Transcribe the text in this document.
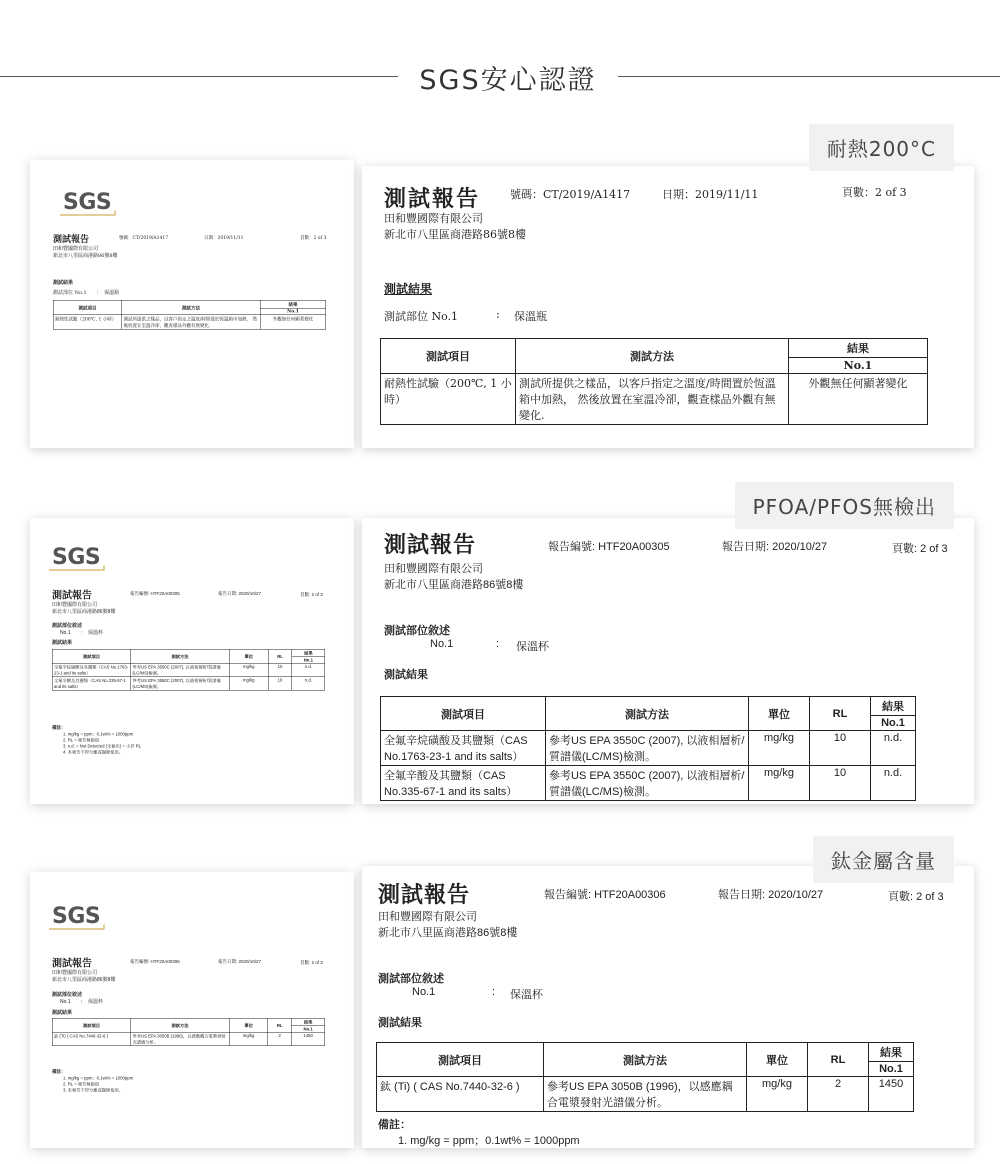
SGS安心認證
耐熱200°C
SGS
測試報告	號碼：CT/2019/A1417	日期：2019/11/11	頁數：2 of 3
田和豐國際有限公司
新北市八里區商港路86號8樓
測試結果
測試部位 No.1　　：　保溫瓶
測試項目	測試方法	結果
		No.1
耐熱性試驗（200℃, 1 小時）	測試所提供之樣品，以客戶指定之溫度/時間置於恆溫箱中加熱， 然後放置在室溫冷卻，觀查樣品外觀有無變化.	外觀無任何顯著變化
測試報告	號碼：CT/2019/A1417	日期：2019/11/11	頁數：2 of 3
田和豐國際有限公司
新北市八里區商港路86號8樓
測試結果
測試部位 No.1	: 保溫瓶
測試項目	測試方法	結果
		No.1
耐熱性試驗（200℃, 1 小時）	測試所提供之樣品，以客戶指定之溫度/時間置於恆溫箱中加熱， 然後放置在室溫冷卻，觀查樣品外觀有無變化.	外觀無任何顯著變化
PFOA/PFOS無檢出
SGS
測試報告	報告編號: HTF20A00305	報告日期: 2020/10/27	頁數: 2 of 3
田和豐國際有限公司
新北市八里區商港路86號8樓
測試部位敘述
No.1　　：　保溫杯
測試結果
測試項目	測試方法	單位	RL	結果
				No.1
全氟辛烷磺酸及其鹽類（CAS No.1763-23-1 and its salts）	參考US EPA 3550C (2007), 以液相層析/質譜儀(LC/MS)檢測。	mg/kg	10	n.d.
全氟辛酸及其鹽類（CAS No.335-67-1 and its salts）	參考US EPA 3550C (2007), 以液相層析/質譜儀(LC/MS)檢測。	mg/kg	10	n.d.
備註：
1. mg/kg = ppm；0.1wt% = 1000ppm
2. RL = 報告極限值
3. n.d. = Not Detected (未檢出) = 小於 RL
4. 本報告不得分離或擷錄使用。
測試報告	報告編號: HTF20A00305	報告日期: 2020/10/27	頁數: 2 of 3
田和豐國際有限公司
新北市八里區商港路86號8樓
測試部位敘述
No.1	: 保溫杯
測試結果
測試項目	測試方法	單位	RL	結果
				No.1
全氟辛烷磺酸及其鹽類（CAS No.1763-23-1 and its salts）	參考US EPA 3550C (2007), 以液相層析/質譜儀(LC/MS)檢測。	mg/kg	10	n.d.
全氟辛酸及其鹽類（CAS No.335-67-1 and its salts）	參考US EPA 3550C (2007), 以液相層析/質譜儀(LC/MS)檢測。	mg/kg	10	n.d.
鈦金屬含量
SGS
測試報告	報告編號: HTF20A00306	報告日期: 2020/10/27	頁數: 2 of 3
田和豐國際有限公司
新北市八里區商港路86號8樓
測試部位敘述
No.1　　：　保溫杯
測試結果
測試項目	測試方法	單位	RL	結果
				No.1
鈦 (Ti) ( CAS No.7440-32-6 )	參考US EPA 3050B (1996)，以感應耦合電漿發射光譜儀分析。	mg/kg	2	1450
備註：
1. mg/kg = ppm；0.1wt% = 1000ppm
2. RL = 報告極限值
3. 本報告不得分離或擷錄使用。
測試報告	報告編號: HTF20A00306	報告日期: 2020/10/27	頁數: 2 of 3
田和豐國際有限公司
新北市八里區商港路86號8樓
測試部位敘述
No.1	: 保溫杯
測試結果
測試項目	測試方法	單位	RL	結果
				No.1
鈦 (Ti) ( CAS No.7440-32-6 )	參考US EPA 3050B (1996)，以感應耦合電漿發射光譜儀分析。	mg/kg	2	1450
備註：
1. mg/kg = ppm；0.1wt% = 1000ppm
